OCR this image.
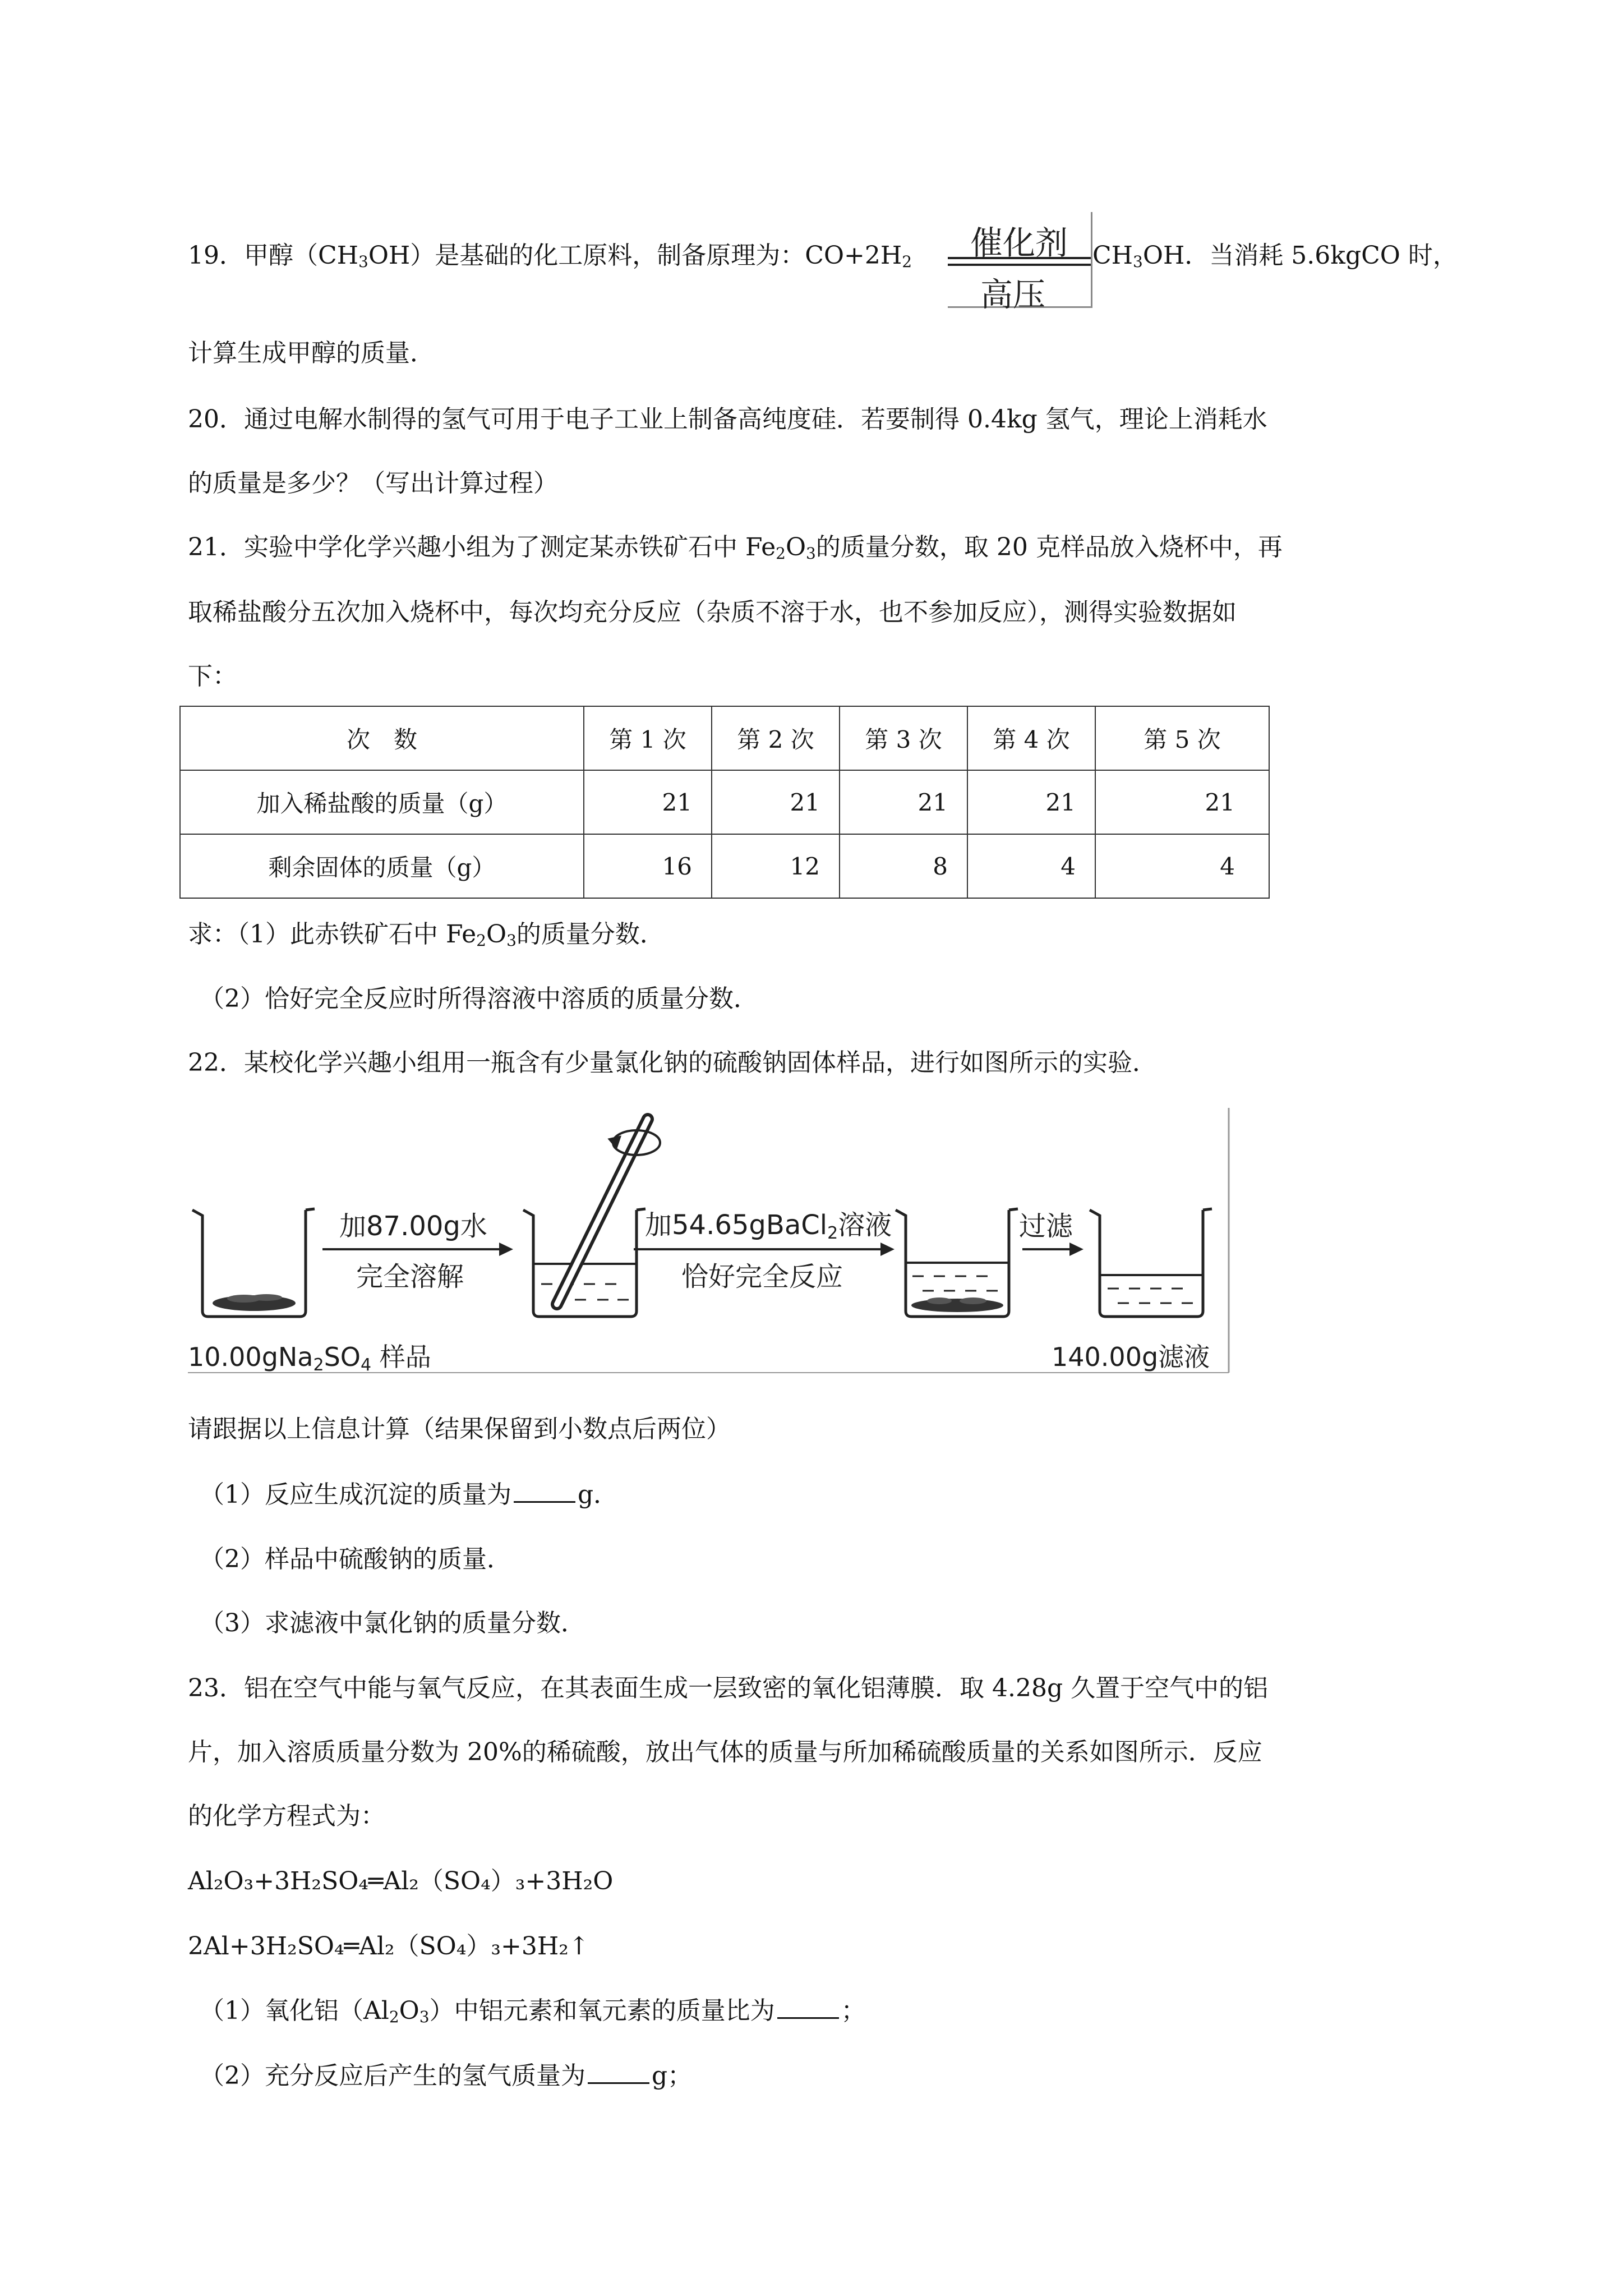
19．甲醇$(CH_3OH)$是基础的化工原料，制备原理为：$CO+2H_2$ 催化剂
高压
$CH_3OH$．当消耗 5.6kgCO 时，
计算生成甲醇的质量．
20．通过电解水制得的氢气可用于电子工业上制备高纯度硅．若要制得 0.4kg 氢气，理论上消耗水
的质量是多少？（写出计算过程）
21．实验中学化学兴趣小组为了测定某赤铁矿石中 $Fe_2O_3$的质量分数，取 20 克样品放入烧杯中，再
取稀盐酸分五次加入烧杯中，每次均充分反应（杂质不溶于水，也不参加反应），测得实验数据如
下：
次　数	第 1 次	第 2 次	第 3 次	第 4 次	第 5 次
加入稀盐酸的质量（g）	21	21	21	21	21
剩余固体的质量（g）	16	12	8	4	4
求：（1）此赤铁矿石中 $Fe_2O_3$的质量分数．
（2）恰好完全反应时所得溶液中溶质的质量分数．
22．某校化学兴趣小组用一瓶含有少量氯化钠的硫酸钠固体样品，进行如图所示的实验．
加87.00g水
完全溶解
加54.65gBaCl2溶液
恰好完全反应
过滤
10.00gNa2SO4 样品	140.00g滤液
请跟据以上信息计算（结果保留到小数点后两位）
（1）反应生成沉淀的质量为	g．
（2）样品中硫酸钠的质量．
（3）求滤液中氯化钠的质量分数．
23．铝在空气中能与氧气反应，在其表面生成一层致密的氧化铝薄膜．取 4.28g 久置于空气中的铝
片，加入溶质质量分数为 20%的稀硫酸，放出气体的质量与所加稀硫酸质量的关系如图所示．反应
的化学方程式为：
Al₂O₃+3H₂SO₄═Al₂（SO₄）₃+3H₂O
2Al+3H₂SO₄═Al₂（SO₄）₃+3H₂↑
（1）氧化铝$(Al_2O_3)$中铝元素和氧元素的质量比为	；
（2）充分反应后产生的氢气质量为	g；
